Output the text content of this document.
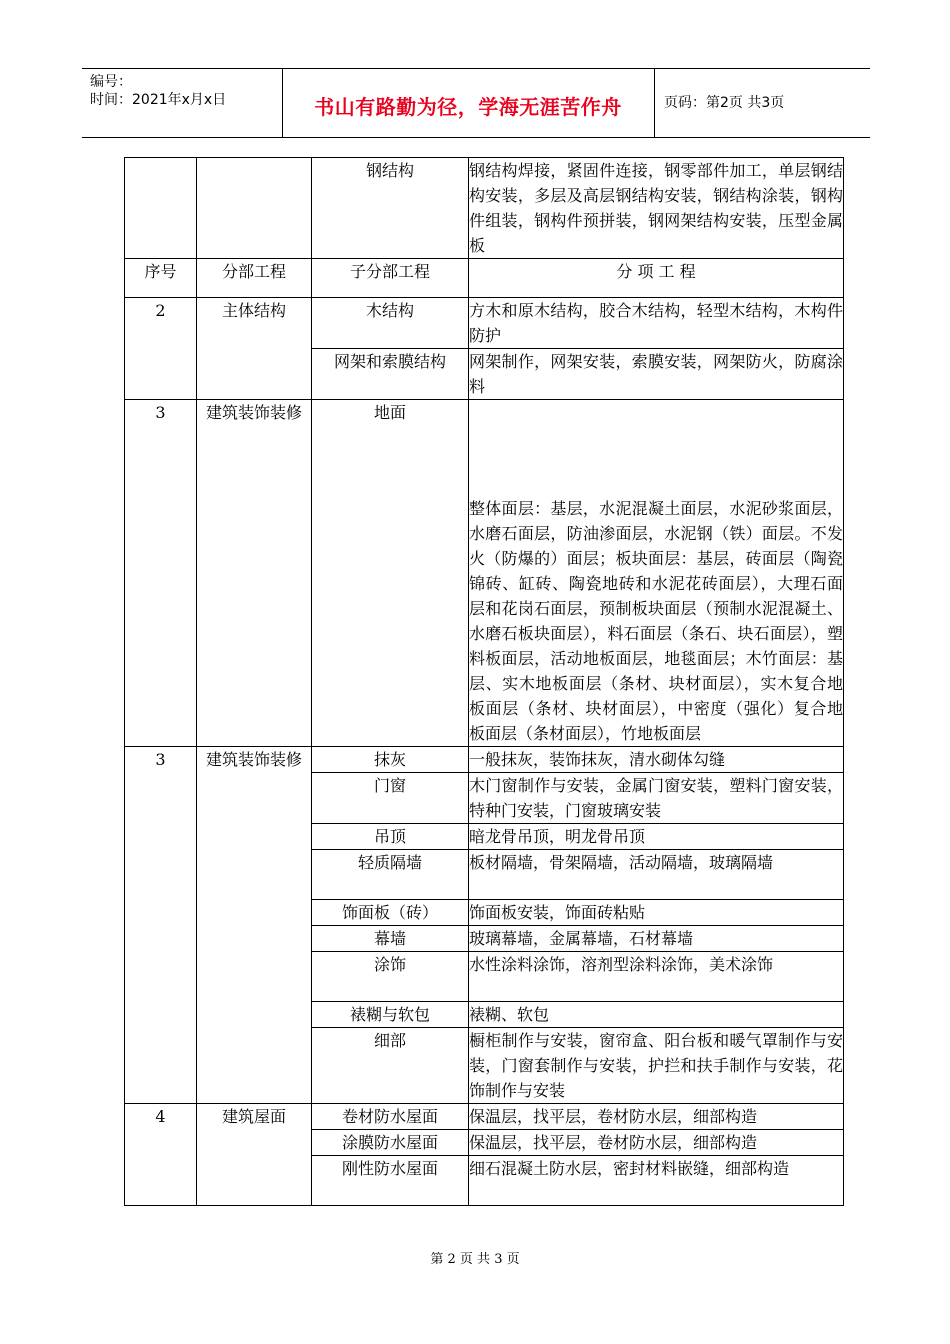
编号：
时间：2021年x月x日	书山有路勤为径，学海无涯苦作舟	页码：第2页 共3页
		钢结构	钢结构焊接，紧固件连接，钢零部件加工，单层钢结构安装，多层及高层钢结构安装，钢结构涂装，钢构件组装，钢构件预拼装，钢网架结构安装，压型金属板
序号	分部工程	子分部工程	分 项 工 程
2	主体结构	木结构	方木和原木结构，胶合木结构，轻型木结构，木构件防护
		网架和索膜结构	网架制作，网架安装，索膜安装，网架防火，防腐涂料
3	建筑装饰装修	地面	整体面层：基层，水泥混凝土面层，水泥砂浆面层，水磨石面层，防油渗面层，水泥钢（铁）面层。不发火（防爆的）面层；板块面层：基层，砖面层（陶瓷锦砖、缸砖、陶瓷地砖和水泥花砖面层），大理石面层和花岗石面层，预制板块面层（预制水泥混凝土、水磨石板块面层），料石面层（条石、块石面层），塑料板面层，活动地板面层，地毯面层；木竹面层：基层、实木地板面层（条材、块材面层），实木复合地板面层（条材、块材面层），中密度（强化）复合地板面层（条材面层），竹地板面层
3	建筑装饰装修	抹灰	一般抹灰，装饰抹灰，清水砌体勾缝
		门窗	木门窗制作与安装，金属门窗安装，塑料门窗安装，特种门安装，门窗玻璃安装
		吊顶	暗龙骨吊顶，明龙骨吊顶
		轻质隔墙	板材隔墙，骨架隔墙，活动隔墙，玻璃隔墙
		饰面板（砖）	饰面板安装，饰面砖粘贴
		幕墙	玻璃幕墙，金属幕墙，石材幕墙
		涂饰	水性涂料涂饰，溶剂型涂料涂饰，美术涂饰
		裱糊与软包	裱糊、软包
		细部	橱柜制作与安装，窗帘盒、阳台板和暖气罩制作与安装，门窗套制作与安装，护拦和扶手制作与安装，花饰制作与安装
4	建筑屋面	卷材防水屋面	保温层，找平层，卷材防水层，细部构造
		涂膜防水屋面	保温层，找平层，卷材防水层，细部构造
		刚性防水屋面	细石混凝土防水层，密封材料嵌缝，细部构造
第 2 页 共 3 页
